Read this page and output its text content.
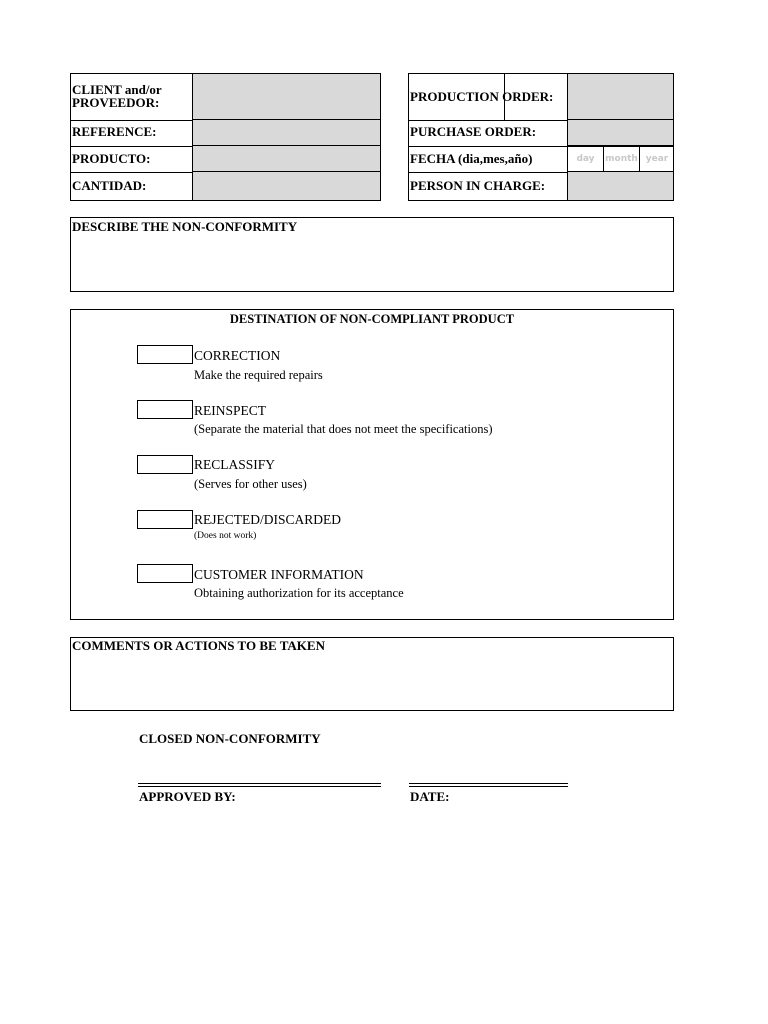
CLIENT and/or
PROVEEDOR:
REFERENCE:
PRODUCTO:
CANTIDAD:
day	month year
PRODUCTION ORDER:
PURCHASE ORDER:
FECHA (dia,mes,año)
PERSON IN CHARGE:
DESCRIBE THE NON-CONFORMITY
DESTINATION OF NON-COMPLIANT PRODUCT
CORRECTION
Make the required repairs
REINSPECT
(Separate the material that does not meet the specifications)
RECLASSIFY
(Serves for other uses)
REJECTED/DISCARDED
(Does not work)
CUSTOMER INFORMATION
Obtaining authorization for its acceptance
COMMENTS OR ACTIONS TO BE TAKEN
CLOSED NON-CONFORMITY
APPROVED BY:	DATE:
